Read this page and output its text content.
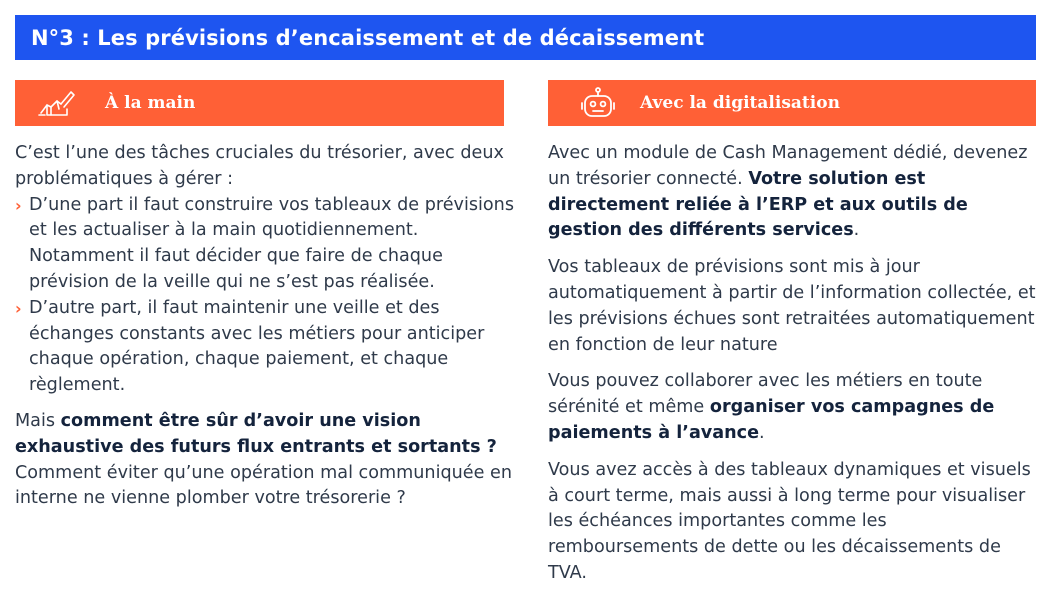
N°3 : Les prévisions d’encaissement et de décaissement
À la main	Avec la digitalisation

C’est l’une des tâches cruciales du trésorier, avec deux problématiques à gérer :

› D’une part il faut construire vos tableaux de prévisions et les actualiser à la main quotidiennement. Notamment il faut décider que faire de chaque prévision de la veille qui ne s’est pas réalisée.
› D’autre part, il faut maintenir une veille et des échanges constants avec les métiers pour anticiper chaque opération, chaque paiement, et chaque règlement.

Mais comment être sûr d’avoir une vision exhaustive des futurs flux entrants et sortants ? Comment éviter qu’une opération mal communiquée en interne ne vienne plomber votre trésorerie ?

Avec un module de Cash Management dédié, devenez un trésorier connecté. Votre solution est directement reliée à l’ERP et aux outils de gestion des différents services.

Vos tableaux de prévisions sont mis à jour automatiquement à partir de l’information collectée, et les prévisions échues sont retraitées automatiquement en fonction de leur nature

Vous pouvez collaborer avec les métiers en toute sérénité et même organiser vos campagnes de paiements à l’avance.

Vous avez accès à des tableaux dynamiques et visuels à court terme, mais aussi à long terme pour visualiser les échéances importantes comme les remboursements de dette ou les décaissements de TVA.
